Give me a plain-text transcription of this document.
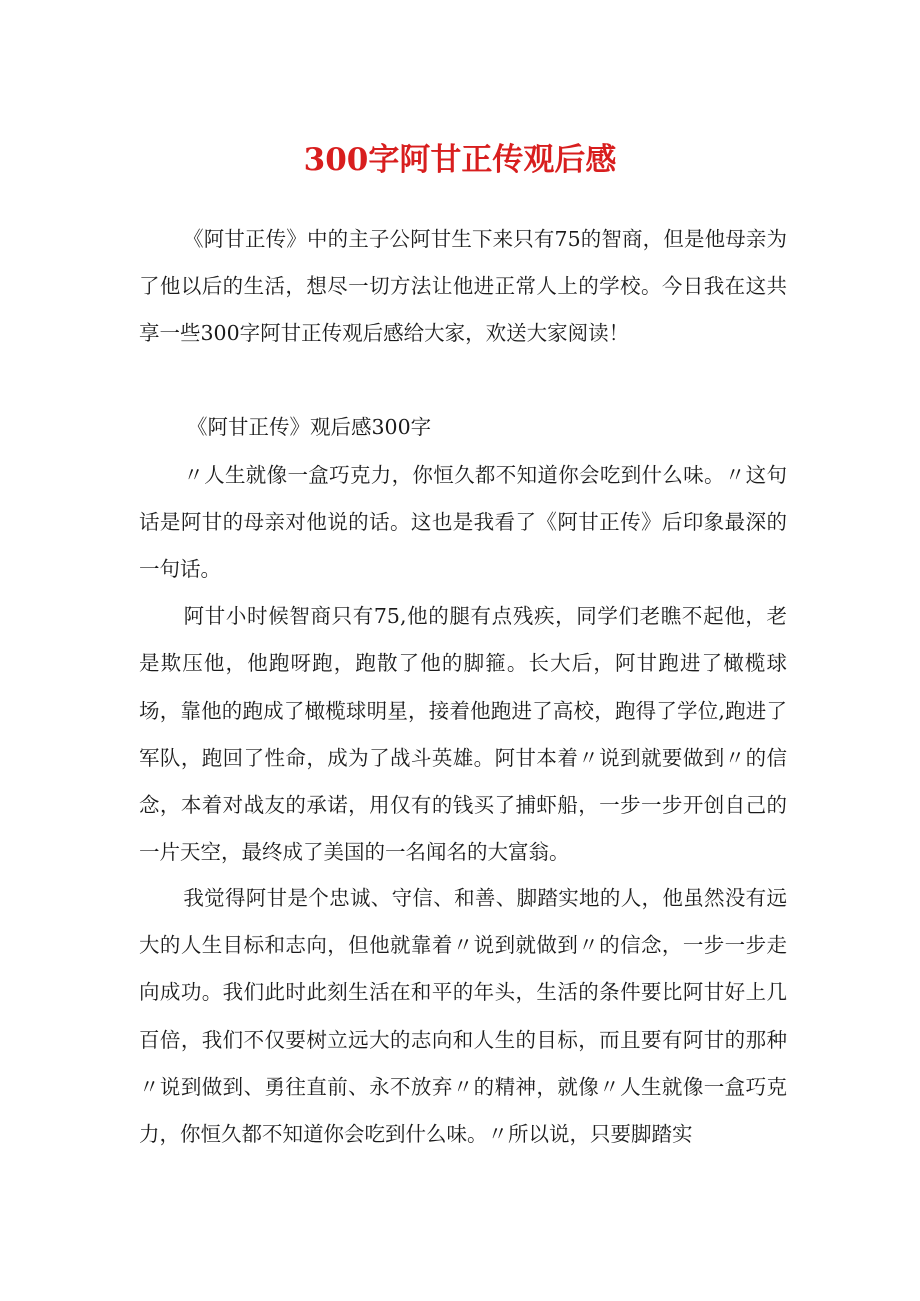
300字阿甘正传观后感

《阿甘正传》中的主子公阿甘生下来只有75的智商，但是他母亲为了他以后的生活，想尽一切方法让他进正常人上的学校。今日我在这共享一些300字阿甘正传观后感给大家，欢送大家阅读！

《阿甘正传》观后感300字

〃人生就像一盒巧克力，你恒久都不知道你会吃到什么味。〃这句话是阿甘的母亲对他说的话。这也是我看了《阿甘正传》后印象最深的一句话。

阿甘小时候智商只有75,他的腿有点残疾，同学们老瞧不起他，老是欺压他，他跑呀跑，跑散了他的脚箍。长大后，阿甘跑进了橄榄球场，靠他的跑成了橄榄球明星，接着他跑进了高校，跑得了学位,跑进了军队，跑回了性命，成为了战斗英雄。阿甘本着〃说到就要做到〃的信念，本着对战友的承诺，用仅有的钱买了捕虾船，一步一步开创自己的一片天空，最终成了美国的一名闻名的大富翁。

我觉得阿甘是个忠诚、守信、和善、脚踏实地的人，他虽然没有远大的人生目标和志向，但他就靠着〃说到就做到〃的信念，一步一步走向成功。我们此时此刻生活在和平的年头，生活的条件要比阿甘好上几百倍，我们不仅要树立远大的志向和人生的目标，而且要有阿甘的那种〃说到做到、勇往直前、永不放弃〃的精神，就像〃人生就像一盒巧克力，你恒久都不知道你会吃到什么味。〃所以说，只要脚踏实
